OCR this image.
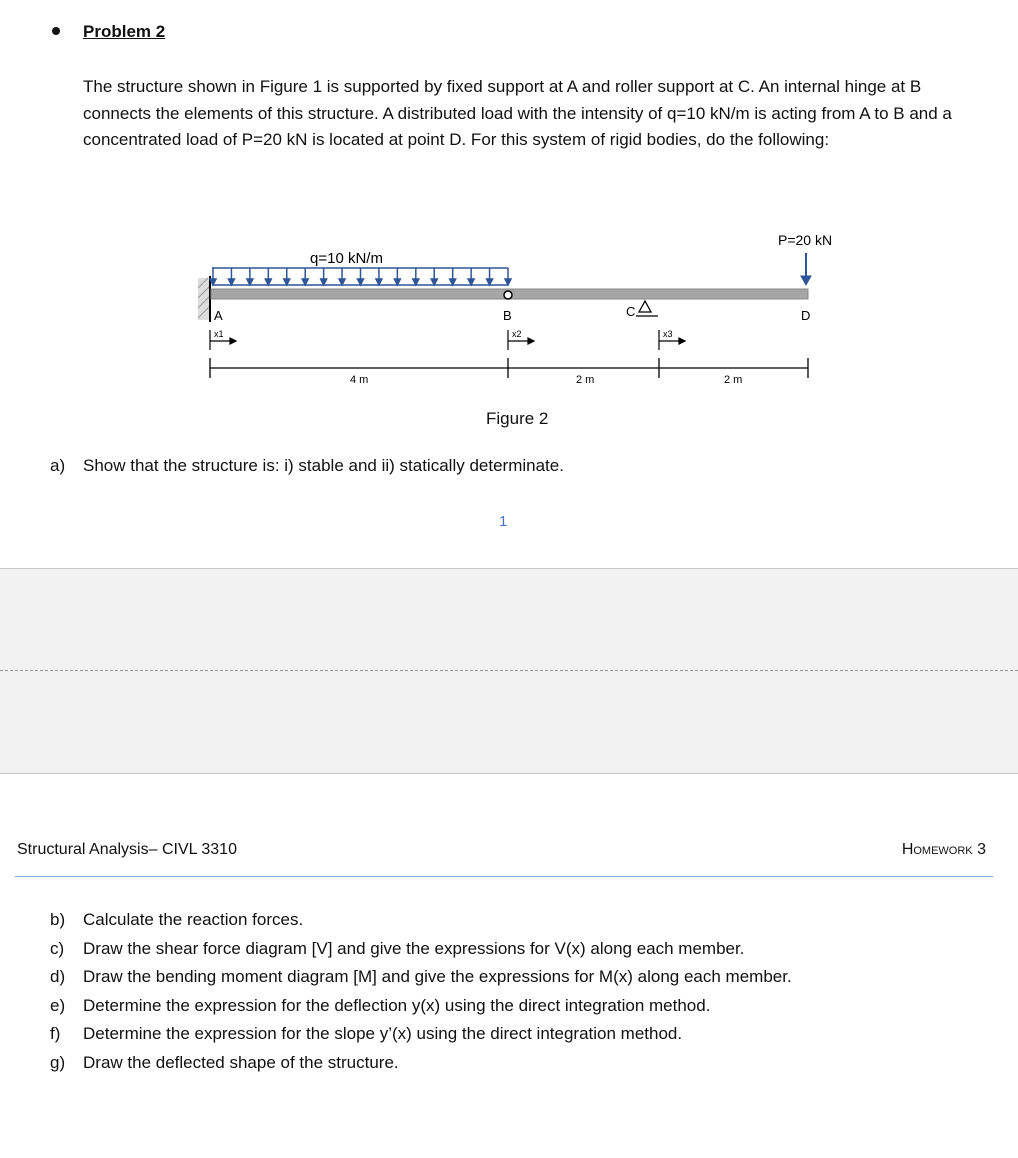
Problem 2
The structure shown in Figure 1 is supported by fixed support at A and roller support at C. An internal hinge at B connects the elements of this structure. A distributed load with the intensity of q=10 kN/m is acting from A to B and a concentrated load of P=20 kN is located at point D. For this system of rigid bodies, do the following:
q=10 kN/m
P=20 kN
A	B	C	D
x1	x2	x3
4 m	2 m	2 m
Figure 2
a) Show that the structure is: i) stable and ii) statically determinate.
1
Structural Analysis– CIVL 3310	Homework 3
b) Calculate the reaction forces.
c) Draw the shear force diagram [V] and give the expressions for V(x) along each member.
d) Draw the bending moment diagram [M] and give the expressions for M(x) along each member.
e) Determine the expression for the deflection y(x) using the direct integration method.
f) Determine the expression for the slope y’(x) using the direct integration method.
g) Draw the deflected shape of the structure.
